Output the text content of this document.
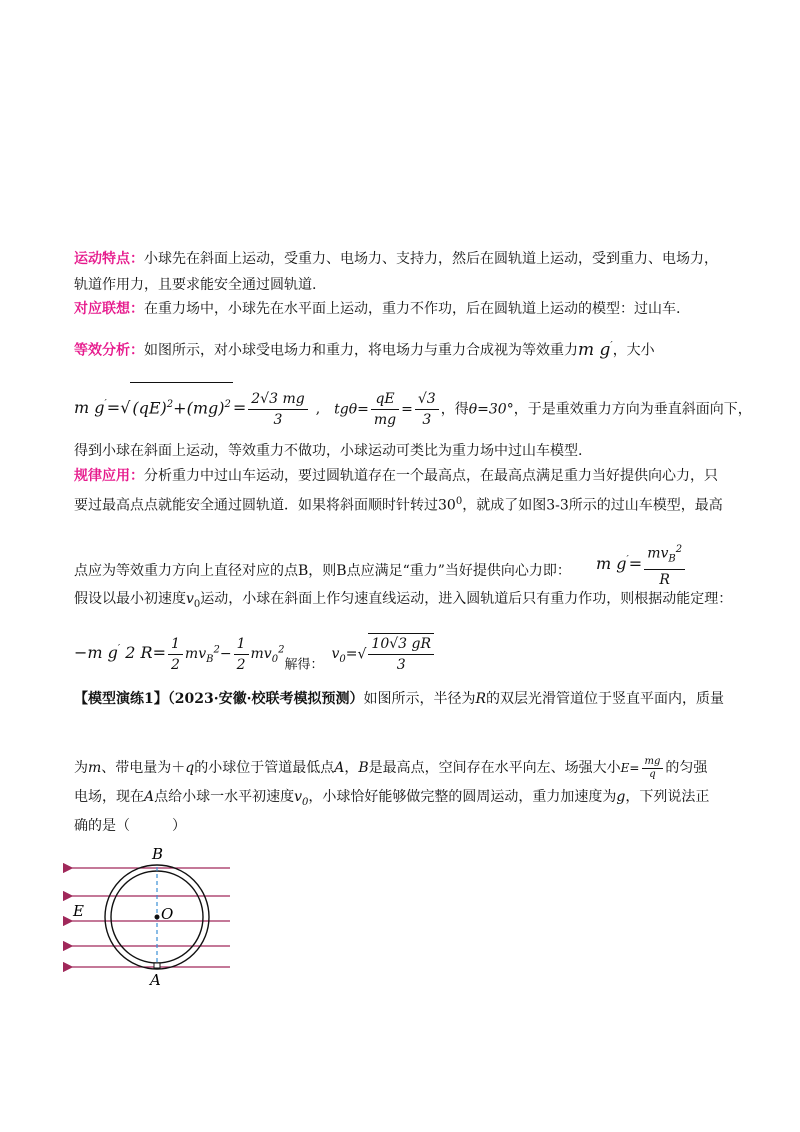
运动特点：小球先在斜面上运动，受重力、电场力、支持力，然后在圆轨道上运动，受到重力、电场力，
轨道作用力，且要求能安全通过圆轨道.
对应联想：在重力场中，小球先在水平面上运动，重力不作功，后在圆轨道上运动的模型：过山车.
等效分析：如图所示，对小球受电场力和重力，将电场力与重力合成视为等效重力m g′，大小
m g′=√ $(qE)^2+(mg)^2 = \frac{2√3 mg}{3}$ , $tg\theta= \frac{qE}{mg} = \frac{√3}{3}$ ，得θ=30°，于是重效重力方向为垂直斜面向下，
得到小球在斜面上运动，等效重力不做功，小球运动可类比为重力场中过山车模型.
规律应用：分析重力中过山车运动，要过圆轨道存在一个最高点，在最高点满足重力当好提供向心力，只
要过最高点点就能安全通过圆轨道．如果将斜面顺时针转过$30^0$，就成了如图3-3所示的过山车模型，最高
m $g'= \frac{mv_B^2}{R}$
点应为等效重力方向上直径对应的点B，则B点应满足“重力”当好提供向心力即：
假设以最小初速度$v_0$运动，小球在斜面上作匀速直线运动，进入圆轨道后只有重力作功，则根据动能定理：
−m g′ 2 $R= \frac{1}{2} mv_B^2- \frac{1}{2} mv_0^2$解得：$v_0=√ \frac{10√3 gR}{3}$
【模型演练1】（2023·安徽·校联考模拟预测）如图所示，半径为R的双层光滑管道位于竖直平面内，质量
为m、带电量为＋q的小球位于管道最低点A，B是最高点，空间存在水平向左、场强大小$E= \frac{mg}{q}$ 的匀强
电场，现在A点给小球一水平初速度$v_0$，小球恰好能够做完整的圆周运动，重力加速度为g，下列说法正
确的是（　　　）
B
E	O
A
